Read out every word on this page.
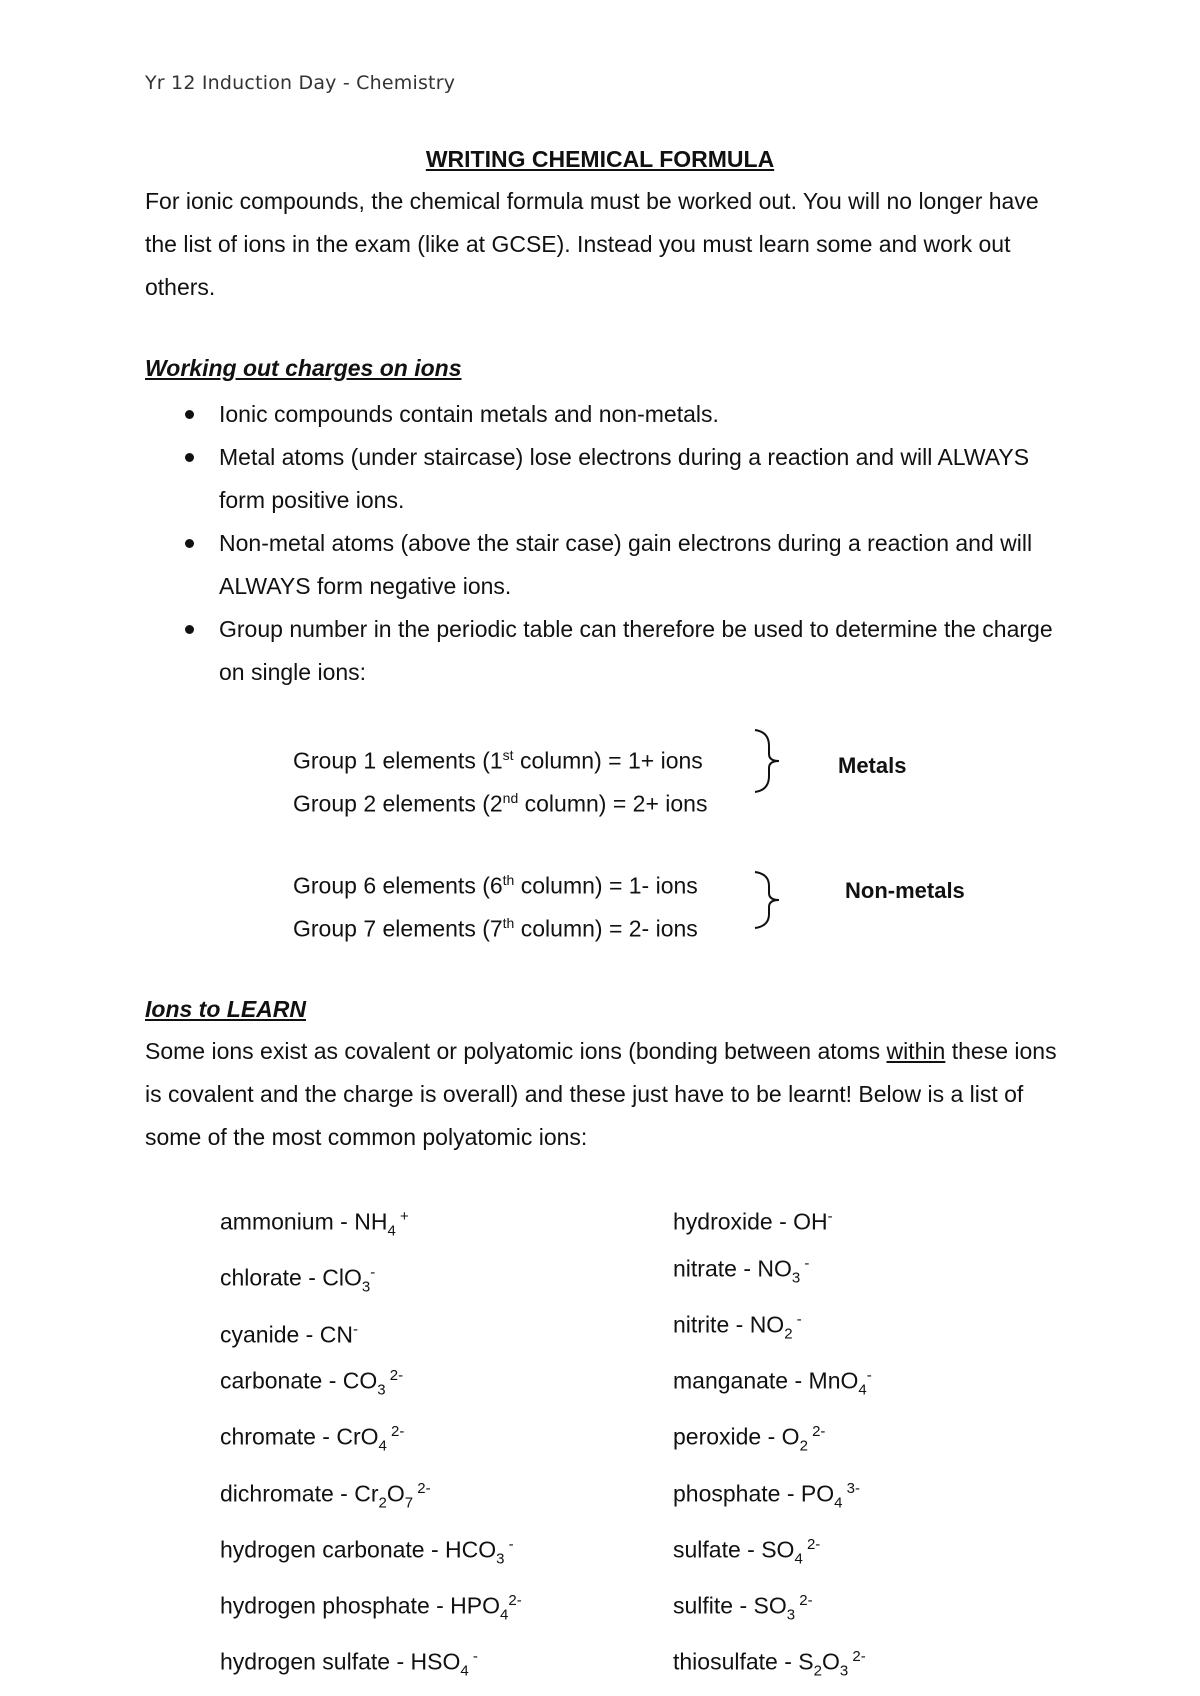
Yr 12 Induction Day - Chemistry
WRITING CHEMICAL FORMULA
For ionic compounds, the chemical formula must be worked out. You will no longer have the list of ions in the exam (like at GCSE). Instead you must learn some and work out others.
Working out charges on ions
Ionic compounds contain metals and non-metals.
Metal atoms (under staircase) lose electrons during a reaction and will ALWAYS form positive ions.
Non-metal atoms (above the stair case) gain electrons during a reaction and will ALWAYS form negative ions.
Group number in the periodic table can therefore be used to determine the charge on single ions:
Group 1 elements (1st column) = 1+ ions
Group 2 elements (2nd column) = 2+ ions
Group 6 elements (6th column) = 1- ions
Group 7 elements (7th column) = 2- ions
Metals
Non-metals
Ions to LEARN
Some ions exist as covalent or polyatomic ions (bonding between atoms within these ions is covalent and the charge is overall) and these just have to be learnt! Below is a list of some of the most common polyatomic ions:
ammonium - $NH_4$ +
chlorate - ClO$_3$-
cyanide - CN-
carbonate - $CO_3$ $^{2-}$
chromate - CrO$_4$ $^{2-}$
dichromate - $Cr_2O_7$ $^{2-}$
hydrogen carbonate - $HCO_3$ -
hydrogen phosphate - $HPO_4^{2-}$
hydrogen sulfate - $HSO_4$ -
hydroxide - OH-
nitrate - $NO_3$ -
nitrite - $NO_2$ -
manganate - MnO$_4$-
peroxide - $O_2$ $^{2-}$
phosphate - $PO_4$ $^{3-}$
sulfate - $SO_4$ $^{2-}$
sulfite - $SO_3$ $^{2-}$
thiosulfate - $S_2O_3$ $^{2-}$
